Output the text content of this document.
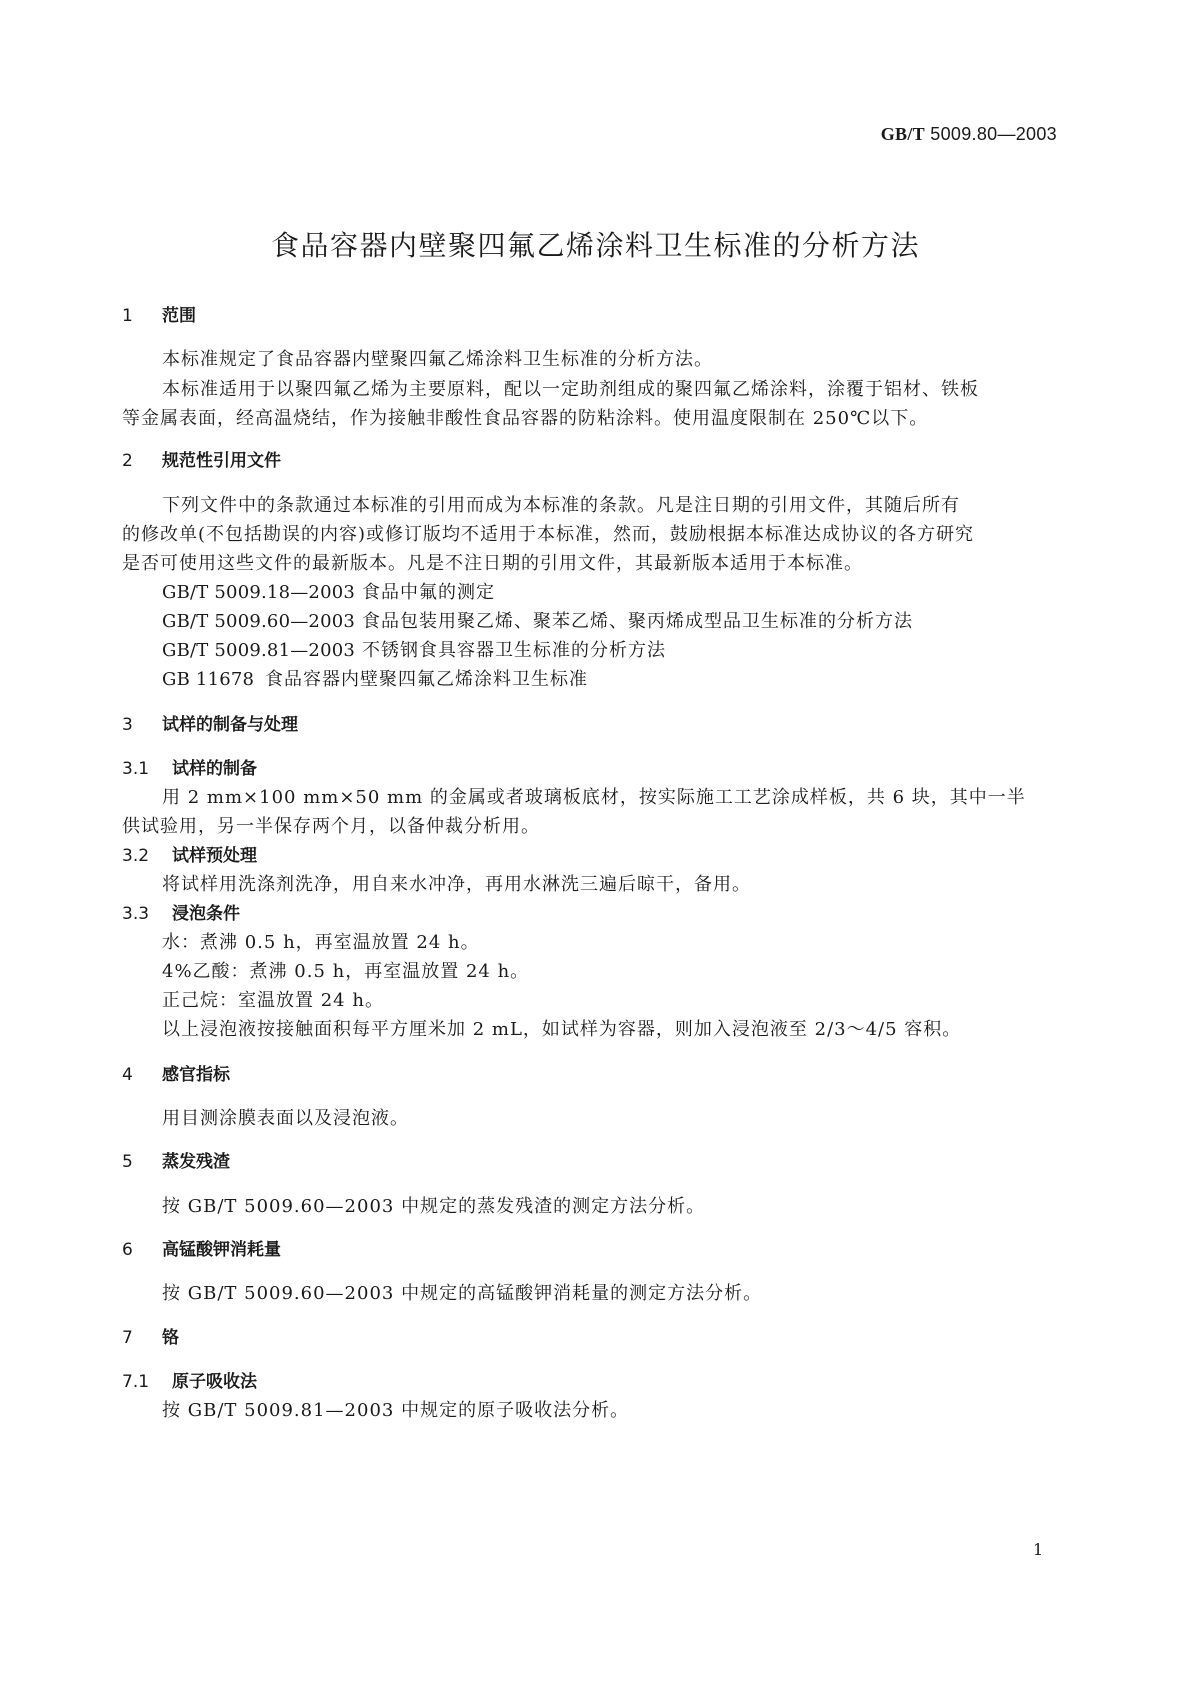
GB/T 5009.80—2003
食品容器内壁聚四氟乙烯涂料卫生标准的分析方法
1 范围
本标准规定了食品容器内壁聚四氟乙烯涂料卫生标准的分析方法。
本标准适用于以聚四氟乙烯为主要原料，配以一定助剂组成的聚四氟乙烯涂料，涂覆于铝材、铁板
等金属表面，经高温烧结，作为接触非酸性食品容器的防粘涂料。使用温度限制在 250℃以下。
2 规范性引用文件
下列文件中的条款通过本标准的引用而成为本标准的条款。凡是注日期的引用文件，其随后所有
的修改单(不包括勘误的内容)或修订版均不适用于本标准，然而，鼓励根据本标准达成协议的各方研究
是否可使用这些文件的最新版本。凡是不注日期的引用文件，其最新版本适用于本标准。
GB/T 5009.18—2003 食品中氟的测定
GB/T 5009.60—2003 食品包装用聚乙烯、聚苯乙烯、聚丙烯成型品卫生标准的分析方法
GB/T 5009.81—2003 不锈钢食具容器卫生标准的分析方法
GB 11678 食品容器内壁聚四氟乙烯涂料卫生标准
3 试样的制备与处理
3.1 试样的制备
用 2 mm×100 mm×50 mm 的金属或者玻璃板底材，按实际施工工艺涂成样板，共 6 块，其中一半
供试验用，另一半保存两个月，以备仲裁分析用。
3.2 试样预处理
将试样用洗涤剂洗净，用自来水冲净，再用水淋洗三遍后晾干，备用。
3.3 浸泡条件
水：煮沸 0.5 h，再室温放置 24 h。
4%乙酸：煮沸 0.5 h，再室温放置 24 h。
正己烷：室温放置 24 h。
以上浸泡液按接触面积每平方厘米加 2 mL，如试样为容器，则加入浸泡液至 2/3～4/5 容积。
4 感官指标
用目测涂膜表面以及浸泡液。
5 蒸发残渣
按 GB/T 5009.60—2003 中规定的蒸发残渣的测定方法分析。
6 高锰酸钾消耗量
按 GB/T 5009.60—2003 中规定的高锰酸钾消耗量的测定方法分析。
7 铬
7.1 原子吸收法
按 GB/T 5009.81—2003 中规定的原子吸收法分析。
1
